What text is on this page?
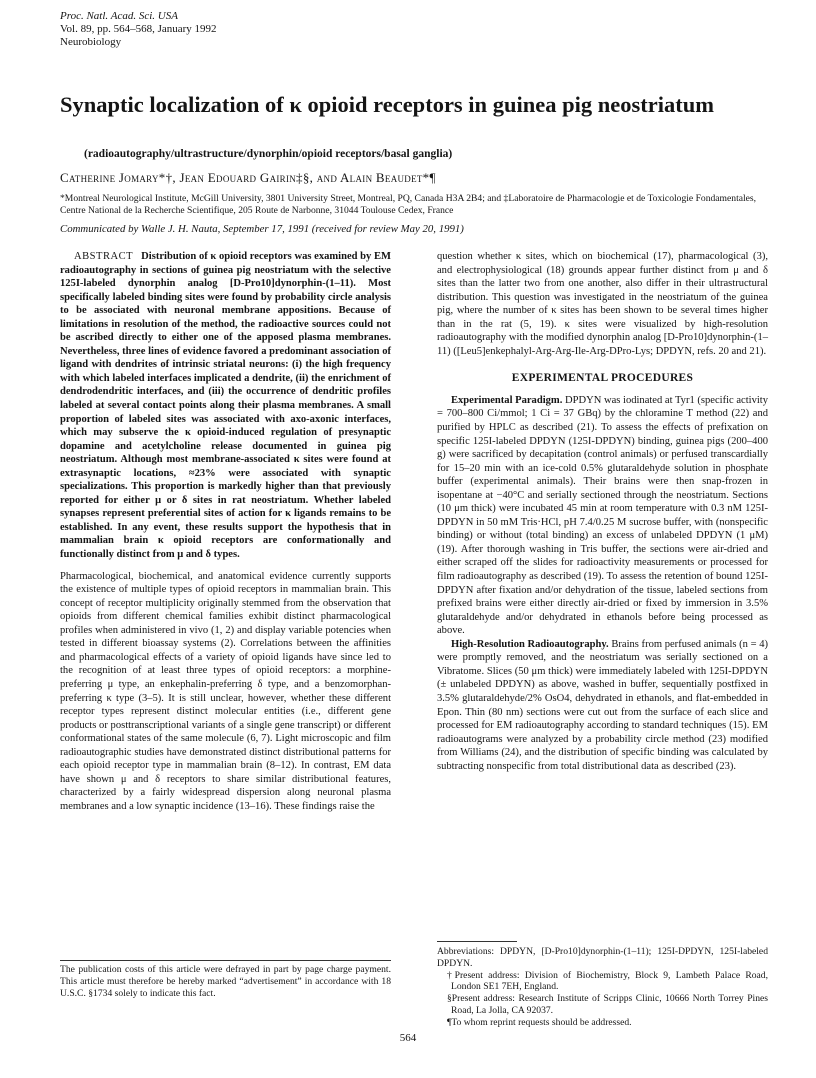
Proc. Natl. Acad. Sci. USA
Vol. 89, pp. 564–568, January 1992
Neurobiology
Synaptic localization of κ opioid receptors in guinea pig neostriatum
(radioautography/ultrastructure/dynorphin/opioid receptors/basal ganglia)
Catherine Jomary*†, Jean Edouard Gairin‡§, and Alain Beaudet*¶
*Montreal Neurological Institute, McGill University, 3801 University Street, Montreal, PQ, Canada H3A 2B4; and ‡Laboratoire de Pharmacologie et de Toxicologie Fondamentales, Centre National de la Recherche Scientifique, 205 Route de Narbonne, 31044 Toulouse Cedex, France
Communicated by Walle J. H. Nauta, September 17, 1991 (received for review May 20, 1991)

ABSTRACT Distribution of κ opioid receptors was examined by EM radioautography in sections of guinea pig neostriatum with the selective 125I-labeled dynorphin analog [D-Pro10]dynorphin-(1–11). Most specifically labeled binding sites were found by probability circle analysis to be associated with neuronal membrane appositions. Because of limitations in resolution of the method, the radioactive sources could not be ascribed directly to either one of the apposed plasma membranes. Nevertheless, three lines of evidence favored a predominant association of ligand with dendrites of intrinsic striatal neurons: (i) the high frequency with which labeled interfaces implicated a dendrite, (ii) the enrichment of dendrodendritic interfaces, and (iii) the occurrence of dendritic profiles labeled at several contact points along their plasma membranes. A small proportion of labeled sites was associated with axo-axonic interfaces, which may subserve the κ opioid-induced regulation of presynaptic dopamine and acetylcholine release documented in guinea pig neostriatum. Although most membrane-associated κ sites were found at extrasynaptic locations, ≈23% were associated with synaptic specializations. This proportion is markedly higher than that previously reported for either μ or δ sites in rat neostriatum. Whether labeled synapses represent preferential sites of action for κ ligands remains to be established. In any event, these results support the hypothesis that in mammalian brain κ opioid receptors are conformationally and functionally distinct from μ and δ types.

Pharmacological, biochemical, and anatomical evidence currently supports the existence of multiple types of opioid receptors in mammalian brain. This concept of receptor multiplicity originally stemmed from the observation that opioids from different chemical families exhibit distinct pharmacological profiles when administered in vivo (1, 2) and display variable potencies when tested in different bioassay systems (2). Correlations between the affinities and pharmacological effects of a variety of opioid ligands have since led to the recognition of at least three types of opioid receptors: a morphine-preferring μ type, an enkephalin-preferring δ type, and a benzomorphan-preferring κ type (3–5). It is still unclear, however, whether these different receptor types represent distinct molecular entities (i.e., different gene products or posttranscriptional variants of a single gene transcript) or different conformational states of the same molecule (6, 7). Light microscopic and film radioautographic studies have demonstrated distinct distributional patterns for each opioid receptor type in mammalian brain (8–12). In contrast, EM data have shown μ and δ receptors to share similar distributional features, characterized by a fairly widespread dispersion along neuronal plasma membranes and a low synaptic incidence (13–16). These findings raise the

question whether κ sites, which on biochemical (17), pharmacological (3), and electrophysiological (18) grounds appear further distinct from μ and δ sites than the latter two from one another, also differ in their ultrastructural distribution. This question was investigated in the neostriatum of the guinea pig, where the number of κ sites has been shown to be several times higher than in the rat (5, 19). κ sites were visualized by high-resolution radioautography with the modified dynorphin analog [D-Pro10]dynorphin-(1–11) ([Leu5]enkephalyl-Arg-Arg-Ile-Arg-DPro-Lys; DPDYN, refs. 20 and 21).

EXPERIMENTAL PROCEDURES

Experimental Paradigm. DPDYN was iodinated at Tyr1 (specific activity = 700–800 Ci/mmol; 1 Ci = 37 GBq) by the chloramine T method (22) and purified by HPLC as described (21). To assess the effects of prefixation on specific 125I-labeled DPDYN (125I-DPDYN) binding, guinea pigs (200–400 g) were sacrificed by decapitation (control animals) or perfused transcardially for 15–20 min with an ice-cold 0.5% glutaraldehyde solution in phosphate buffer (experimental animals). Their brains were then snap-frozen in isopentane at −40°C and serially sectioned through the neostriatum. Sections (10 μm thick) were incubated 45 min at room temperature with 0.3 nM 125I-DPDYN in 50 mM Tris·HCl, pH 7.4/0.25 M sucrose buffer, with (nonspecific binding) or without (total binding) an excess of unlabeled DPDYN (1 μM) (19). After thorough washing in Tris buffer, the sections were air-dried and either scraped off the slides for radioactivity measurements or processed for film radioautography as described (19). To assess the retention of bound 125I-DPDYN after fixation and/or dehydration of the tissue, labeled sections from prefixed brains were either directly air-dried or fixed by immersion in 3.5% glutaraldehyde and/or dehydrated in ethanols before being processed as above.

High-Resolution Radioautography. Brains from perfused animals (n = 4) were promptly removed, and the neostriatum was serially sectioned on a Vibratome. Slices (50 μm thick) were immediately labeled with 125I-DPDYN (± unlabeled DPDYN) as above, washed in buffer, sequentially postfixed in 3.5% glutaraldehyde/2% OsO4, dehydrated in ethanols, and flat-embedded in Epon. Thin (80 nm) sections were cut out from the surface of each slice and processed for EM radioautography according to standard techniques (15). EM radioautograms were analyzed by a probability circle method (23) modified from Williams (24), and the distribution of specific binding was calculated by subtracting nonspecific from total distributional data as described (23).

Abbreviations: DPDYN, [D-Pro10]dynorphin-(1–11); 125I-DPDYN, 125I-labeled DPDYN.
†Present address: Division of Biochemistry, Block 9, Lambeth Palace Road, London SE1 7EH, England.
§Present address: Research Institute of Scripps Clinic, 10666 North Torrey Pines Road, La Jolla, CA 92037.
¶To whom reprint requests should be addressed.
The publication costs of this article were defrayed in part by page charge payment. This article must therefore be hereby marked “advertisement” in accordance with 18 U.S.C. §1734 solely to indicate this fact.
564
